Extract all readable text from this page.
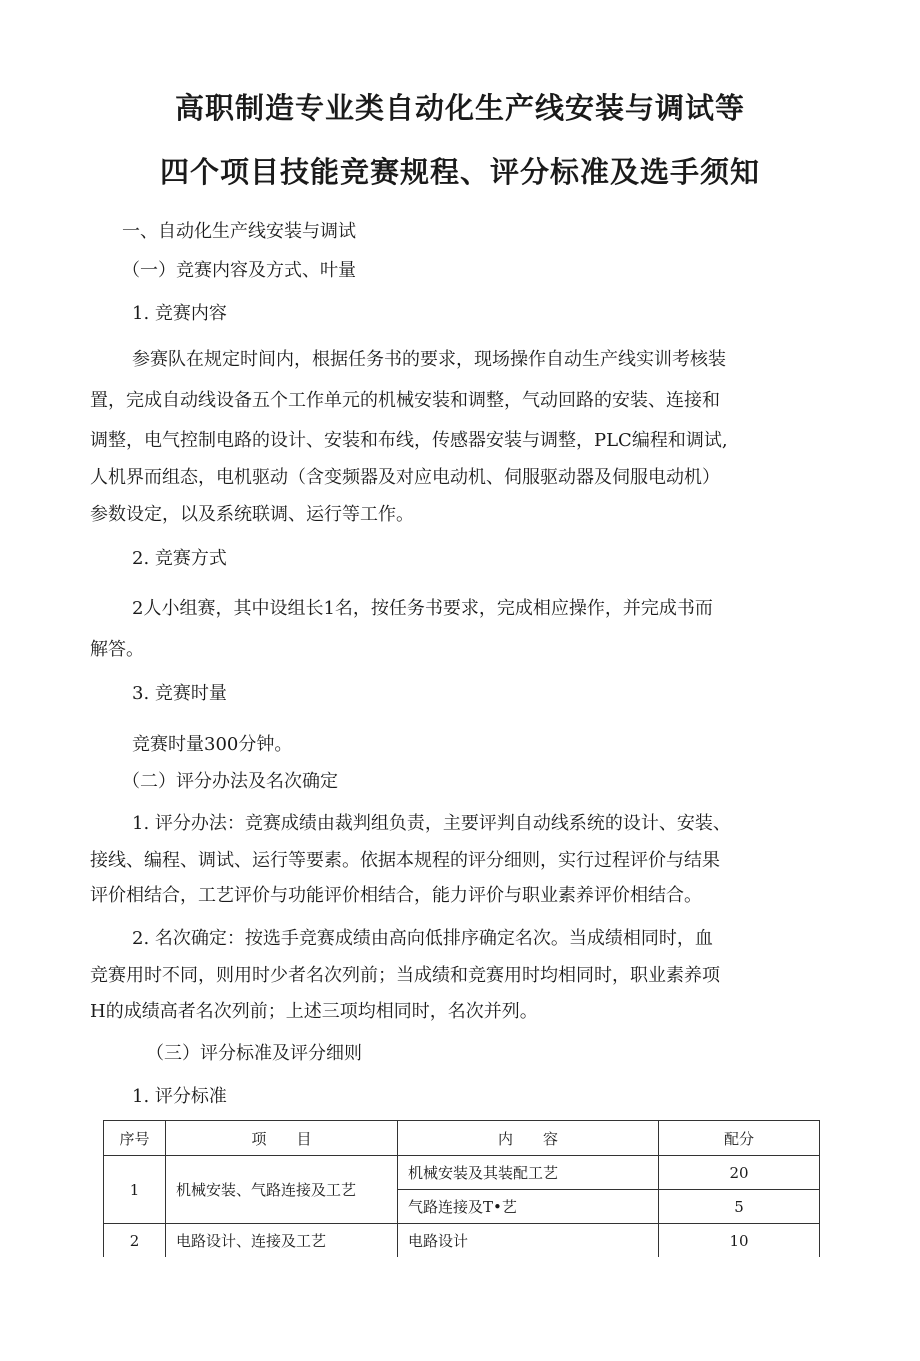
高职制造专业类自动化生产线安装与调试等
四个项目技能竞赛规程、评分标准及选手须知
一、自动化生产线安装与调试
（一）竞赛内容及方式、叶量
1. 竞赛内容
参赛队在规定时间内，根据任务书的要求，现场操作自动生产线实训考核装
置，完成自动线设备五个工作单元的机械安装和调整，气动回路的安装、连接和
调整，电气控制电路的设计、安装和布线，传感器安装与调整，PLC编程和调试,
人机界而组态，电机驱动（含变频器及对应电动机、伺服驱动器及伺服电动机）
参数设定，以及系统联调、运行等工作。
2. 竞赛方式
2人小组赛，其中设组长1名，按任务书要求，完成相应操作，并完成书而
解答。
3. 竞赛时量
竞赛时量300分钟。
（二）评分办法及名次确定
1. 评分办法：竞赛成绩由裁判组负责，主要评判自动线系统的设计、安装、
接线、编程、调试、运行等要素。依据本规程的评分细则，实行过程评价与结果
评价相结合，工艺评价与功能评价相结合，能力评价与职业素养评价相结合。
2. 名次确定：按选手竞赛成绩由高向低排序确定名次。当成绩相同时，血
竞赛用时不同，则用时少者名次列前；当成绩和竞赛用时均相同时，职业素养项
H的成绩高者名次列前；上述三项均相同时，名次并列。
（三）评分标准及评分细则
1. 评分标准
序号	项　　目	内　　容	配分
1	机械安装、气路连接及工艺	机械安装及其装配工艺	20
		气路连接及T•艺	5
2	电路设计、连接及工艺	电路设计	10
